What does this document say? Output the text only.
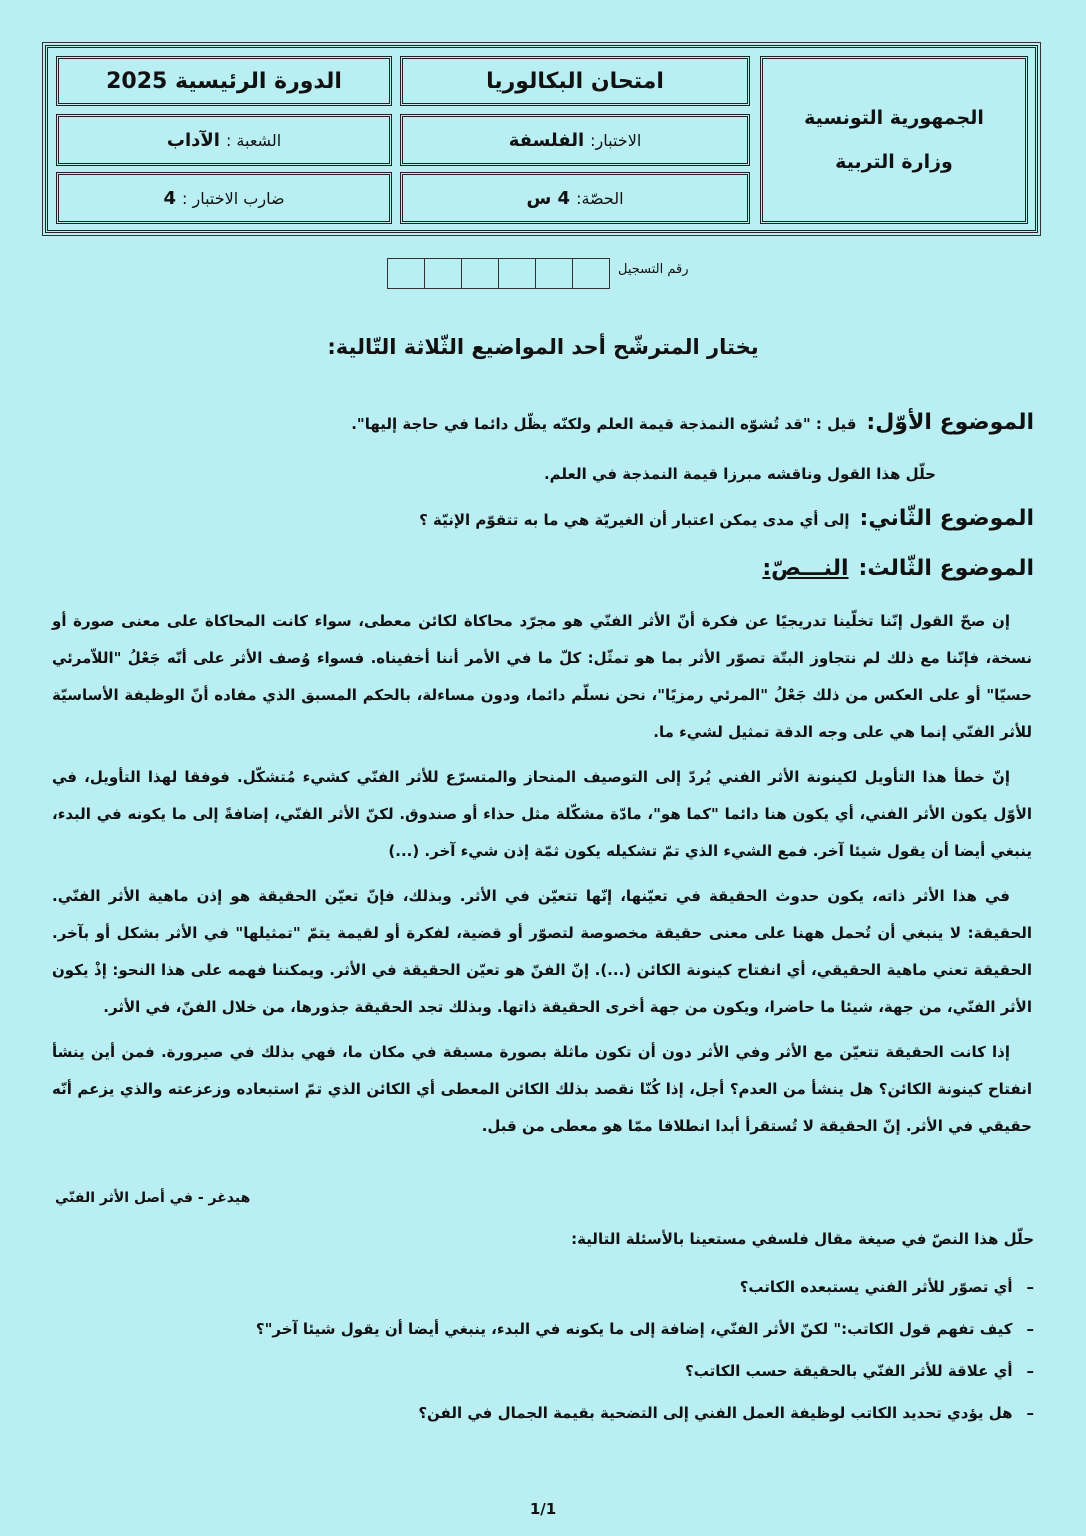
الجمهورية التونسية
وزارة التربية
امتحان البكالوريا
الدورة الرئيسية 2025
الاختبار:
الفلسفة
الشعبة :
الآداب
الحصّة:
4 س
ضارب الاختبار :
4
رقم التسجيل
يختار المترشّح أحد المواضيع الثّلاثة التّالية:
الموضوع الأوّل:
قيل : "قد تُشوّه النمذجة قيمة العلم ولكنّه يظّل دائما في حاجة إليها".
حلّل هذا القول وناقشه مبرزا قيمة النمذجة في العلم.
الموضوع الثّاني:
إلى أي مدى يمكن اعتبار أن الغيريّة هي ما به تتقوّم الإنيّة ؟
الموضوع الثّالث:
النـــصّ:

إن صحّ القول إنّنا تخلّينا تدريجيًا عن فكرة أنّ الأثر الفنّي هو مجرّد محاكاة لكائن معطى، سواء كانت المحاكاة على معنى صورة أو نسخة، فإنّنا مع ذلك لم نتجاوز البتّة تصوّر الأثر بما هو تمثّل: كلّ ما في الأمر أننا أخفيناه. فسواء وُصف الأثر على أنّه جَعْلُ "اللاّمرئي حسيّا" أو على العكس من ذلك جَعْلُ "المرئي رمزيًا"، نحن نسلّم دائما، ودون مساءلة، بالحكم المسبق الذي مفاده أنّ الوظيفة الأساسيّة للأثر الفنّي إنما هي على وجه الدقة تمثيل لشيء ما.

إنّ خطأ هذا التأويل لكينونة الأثر الفني يُردّ إلى التوصيف المنحاز والمتسرّع للأثر الفنّي كشيء مُتشكّل. فوفقا لهذا التأويل، في الأوّل يكون الأثر الفني، أي يكون هنا دائما "كما هو"، مادّة مشكّلة مثل حذاء أو صندوق. لكنّ الأثر الفنّي، إضافةً إلى ما يكونه في البدء، ينبغي أيضا أن يقول شيئا آخر. فمع الشيء الذي تمّ تشكيله يكون ثمّة إذن شيء آخر. (...)

في هذا الأثر ذاته، يكون حدوث الحقيقة في تعيّنها، إنّها تتعيّن في الأثر. وبذلك، فإنّ تعيّن الحقيقة هو إذن ماهية الأثر الفنّي. الحقيقة: لا ينبغي أن تُحمل ههنا على معنى حقيقة مخصوصة لتصوّر أو قضية، لفكرة أو لقيمة يتمّ "تمثيلها" في الأثر بشكل أو بآخر. الحقيقة تعني ماهية الحقيقي، أي انفتاح كينونة الكائن (...). إنّ الفنّ هو تعيّن الحقيقة في الأثر. ويمكننا فهمه على هذا النحو: إذْ يكون الأثر الفنّي، من جهة، شيئا ما حاضرا، ويكون من جهة أخرى الحقيقة ذاتها. وبذلك تجد الحقيقة جذورها، من خلال الفنّ، في الأثر.

إذا كانت الحقيقة تتعيّن مع الأثر وفي الأثر دون أن تكون ماثلة بصورة مسبقة في مكان ما، فهي بذلك في صيرورة. فمن أين ينشأ انفتاح كينونة الكائن؟ هل ينشأ من العدم؟ أجل، إذا كُنّا نقصد بذلك الكائن المعطى أي الكائن الذي تمّ استبعاده وزعزعته والذي يزعم أنّه حقيقي في الأثر. إنّ الحقيقة لا تُستقرأ أبدا انطلاقا ممّا هو معطى من قبل.

هيدغر - في أصل الأثر الفنّي
حلّل هذا النصّ في صيغة مقال فلسفي مستعينا بالأسئلة التالية:
–أي تصوّر للأثر الفني يستبعده الكاتب؟
–كيف تفهم قول الكاتب:" لكنّ الأثر الفنّي، إضافة إلى ما يكونه في البدء، ينبغي أيضا أن يقول شيئا آخر"؟
–أي علاقة للأثر الفنّي بالحقيقة حسب الكاتب؟
–هل يؤدي تحديد الكاتب لوظيفة العمل الفني إلى التضحية بقيمة الجمال في الفن؟
1/1
